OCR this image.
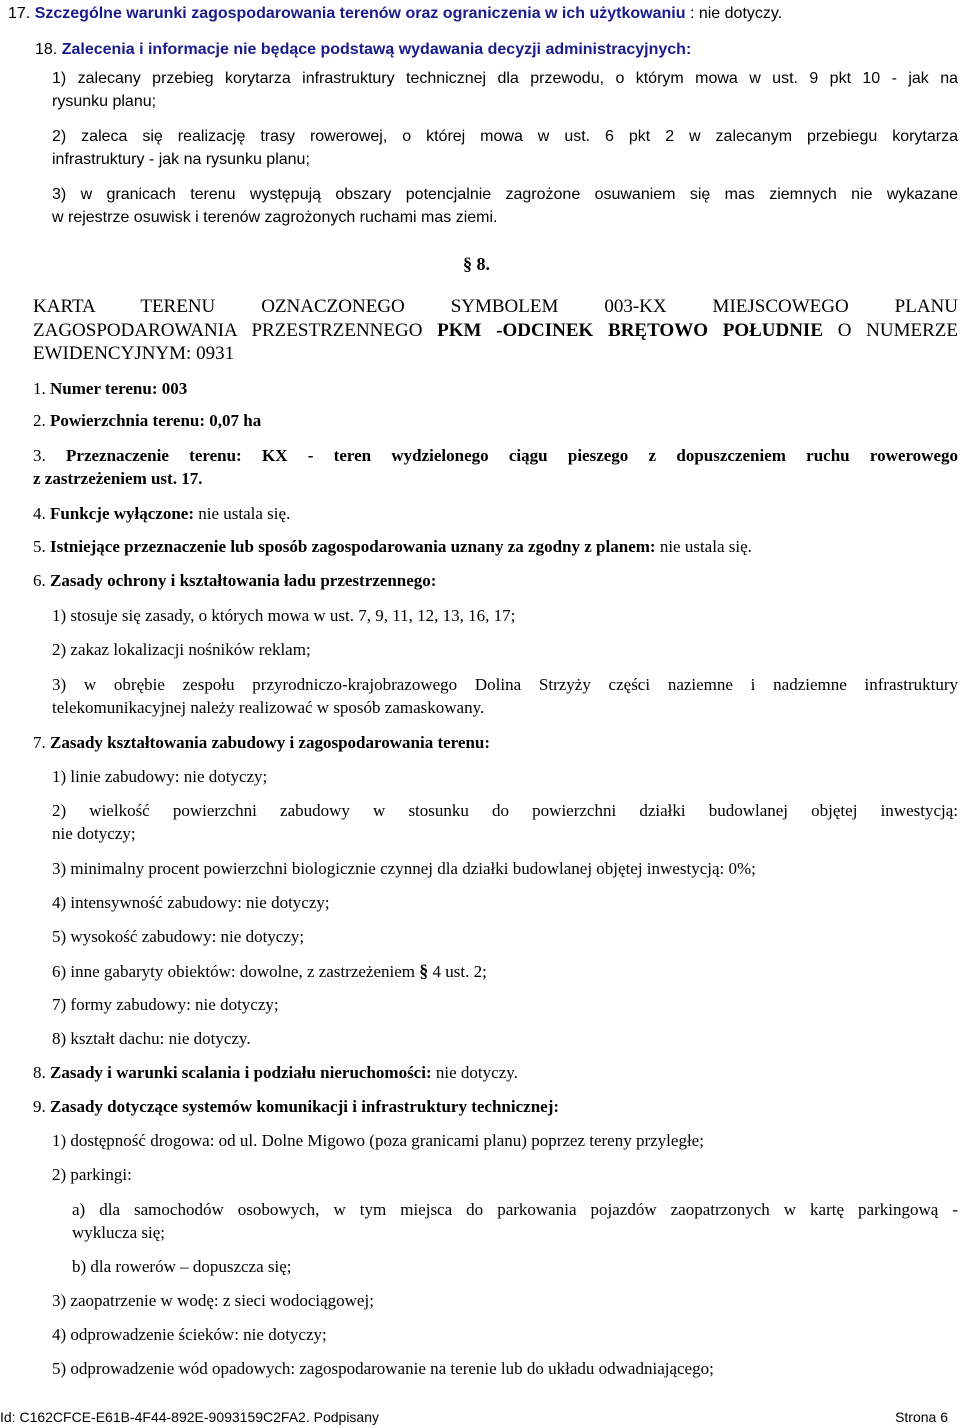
17. Szczególne warunki zagospodarowania terenów oraz ograniczenia w ich użytkowaniu : nie dotyczy.
18. Zalecenia i informacje nie będące podstawą wydawania decyzji administracyjnych:
1) zalecany przebieg korytarza infrastruktury technicznej dla przewodu, o którym mowa w ust. 9 pkt 10 - jak na
rysunku planu;
2) zaleca się realizację trasy rowerowej, o której mowa w ust. 6 pkt 2 w zalecanym przebiegu korytarza
infrastruktury - jak na rysunku planu;
3) w granicach terenu występują obszary potencjalnie zagrożone osuwaniem się mas ziemnych nie wykazane
w rejestrze osuwisk i terenów zagrożonych ruchami mas ziemi.
§ 8.
KARTA TERENU OZNACZONEGO SYMBOLEM 003-KX MIEJSCOWEGO PLANU
ZAGOSPODAROWANIA PRZESTRZENNEGO PKM -ODCINEK BRĘTOWO POŁUDNIE O NUMERZE
EWIDENCYJNYM: 0931
1. Numer terenu: 003
2. Powierzchnia terenu: 0,07 ha
3. Przeznaczenie terenu: KX - teren wydzielonego ciągu pieszego z dopuszczeniem ruchu rowerowego
z zastrzeżeniem ust. 17.
4. Funkcje wyłączone: nie ustala się.
5. Istniejące przeznaczenie lub sposób zagospodarowania uznany za zgodny z planem: nie ustala się.
6. Zasady ochrony i kształtowania ładu przestrzennego:
1) stosuje się zasady, o których mowa w ust. 7, 9, 11, 12, 13, 16, 17;
2) zakaz lokalizacji nośników reklam;
3) w obrębie zespołu przyrodniczo-krajobrazowego Dolina Strzyży części naziemne i nadziemne infrastruktury
telekomunikacyjnej należy realizować w sposób zamaskowany.
7. Zasady kształtowania zabudowy i zagospodarowania terenu:
1) linie zabudowy: nie dotyczy;
2) wielkość powierzchni zabudowy w stosunku do powierzchni działki budowlanej objętej inwestycją:
nie dotyczy;
3) minimalny procent powierzchni biologicznie czynnej dla działki budowlanej objętej inwestycją: 0%;
4) intensywność zabudowy: nie dotyczy;
5) wysokość zabudowy: nie dotyczy;
6) inne gabaryty obiektów: dowolne, z zastrzeżeniem § 4 ust. 2;
7) formy zabudowy: nie dotyczy;
8) kształt dachu: nie dotyczy.
8. Zasady i warunki scalania i podziału nieruchomości: nie dotyczy.
9. Zasady dotyczące systemów komunikacji i infrastruktury technicznej:
1) dostępność drogowa: od ul. Dolne Migowo (poza granicami planu) poprzez tereny przyległe;
2) parkingi:
a) dla samochodów osobowych, w tym miejsca do parkowania pojazdów zaopatrzonych w kartę parkingową -
wyklucza się;
b) dla rowerów – dopuszcza się;
3) zaopatrzenie w wodę: z sieci wodociągowej;
4) odprowadzenie ścieków: nie dotyczy;
5) odprowadzenie wód opadowych: zagospodarowanie na terenie lub do układu odwadniającego;
Id: C162CFCE-E61B-4F44-892E-9093159C2FA2. Podpisany	Strona 6
